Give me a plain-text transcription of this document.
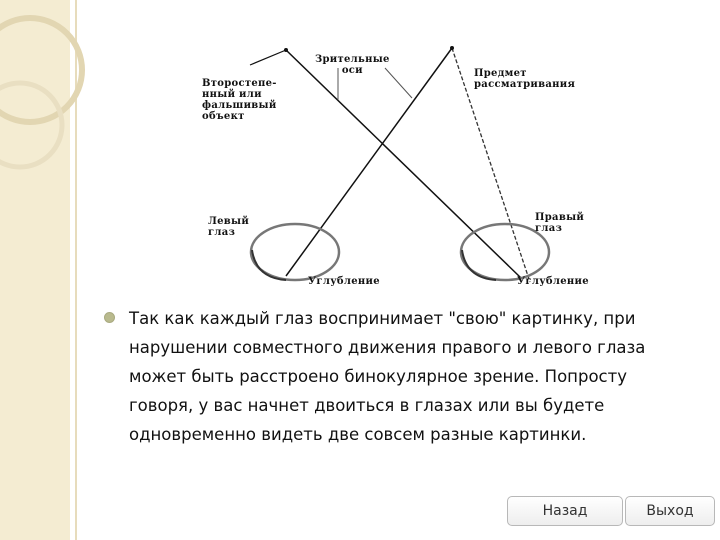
Второстепе-
нный или
фальшивый
объект
Зрительные
оси	Предмет
рассматривания
Левый
глаз
Правый
глаз
Углубление	Углубление
Так как каждый глаз воспринимает "свою" картинку, при нарушении совместного движения правого и левого глаза может быть расстроено бинокулярное зрение. Попросту говоря, у вас начнет двоиться в глазах или вы будете одновременно видеть две совсем разные картинки.
Назад	Выход
